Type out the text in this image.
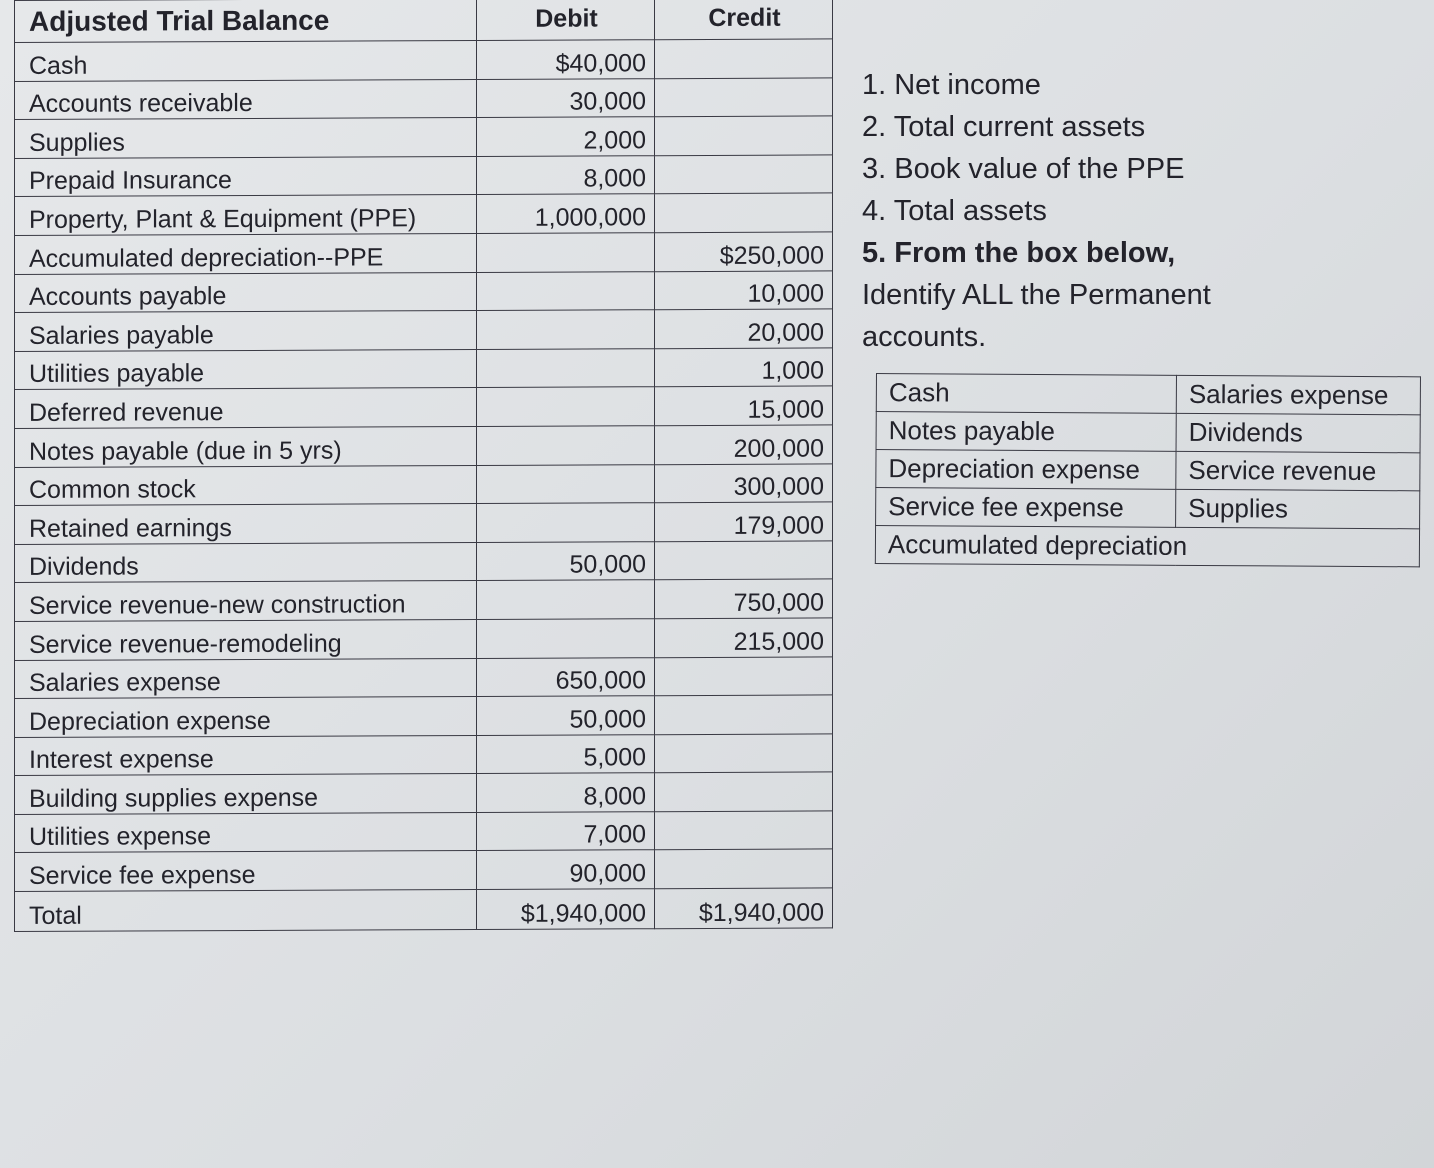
Adjusted Trial Balance	Debit	Credit
Cash	$40,000	
Accounts receivable	30,000	
Supplies	2,000	
Prepaid Insurance	8,000	
Property, Plant & Equipment (PPE)	1,000,000	
Accumulated depreciation--PPE		$250,000
Accounts payable		10,000
Salaries payable		20,000
Utilities payable		1,000
Deferred revenue		15,000
Notes payable (due in 5 yrs)		200,000
Common stock		300,000
Retained earnings		179,000
Dividends	50,000	
Service revenue-new construction		750,000
Service revenue-remodeling		215,000
Salaries expense	650,000	
Depreciation expense	50,000	
Interest expense	5,000	
Building supplies expense	8,000	
Utilities expense	7,000	
Service fee expense	90,000	
Total	$1,940,000	$1,940,000
1. Net income
2. Total current assets
3. Book value of the PPE
4. Total assets
5. From the box below,
Identify ALL the Permanent
accounts.
Cash	Salaries expense
Notes payable	Dividends
Depreciation expense	Service revenue
Service fee expense	Supplies
Accumulated depreciation	
